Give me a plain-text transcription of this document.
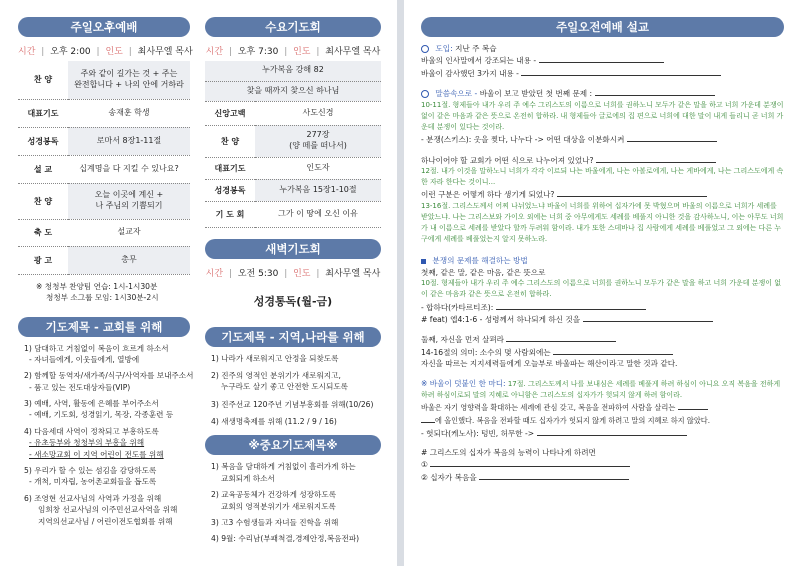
주일오후예배
시간 | 오후 2:00 | 인도 | 최사무엘 목사
찬 양	주와 같이 길가는 것 + 주는
완전합니다 + 나의 안에 거하라
대표기도	송재훈 학생
성경봉독	로마서 8장1-11절
설 교	십계명을 다 지킬 수 있나요?
찬 양	오늘 이곳에 계신 +
나 주님의 기쁨되기
축 도	설교자
광 고	총무
※ 청청부 찬양팀 연습: 1시-1시30분
청청부 소그룹 모임: 1시30분-2시
기도제목 - 교회를 위해
1) 담대하고 거침없이 복음이 흐르게 하소서
- 자녀들에게, 이웃들에게, 열방에
2) 함께할 동역자/새가족/식구/사역자를 보내주소서
- 품고 있는 전도대상자들(VIP)
3) 예배, 사역, 활동에 은혜를 부어주소서
- 예배, 기도회, 성경읽기, 목장, 각종훈련 등
4) 다음세대 사역이 정착되고 부흥하도록
- 유초등부와 청청부의 부흥을 위해
- 새소망교회 이 지역 어린이 전도를 위해
5) 우리가 할 수 있는 섬김을 감당하도록
- 개척, 미자립, 농어촌교회들을 돕도록
6) 조영현 선교사님의 사역과 가정을 위해
임희창 선교사님의 이주민선교사역을 위해
지역의선교사님 / 어린이전도협회를 위해
수요기도회
시간 | 오후 7:30 | 인도 | 최사무엘 목사
누가복음 강해 82	
찾을 때까지 찾으신 하나님	
신앙고백	사도신경
찬 양	277장
(양 떼를 떠나서)
대표기도	인도자
성경봉독	누가복음 15장1-10절
기 도 회	그가 이 땅에 오신 이유
새벽기도회
시간 | 오전 5:30 | 인도 | 최사무엘 목사
성경통독(월-금)
기도제목 - 지역,나라를 위해
1) 나라가 새로워지고 안정을 되찾도록
2) 진주의 영적인 분위기가 새로워지고,
누구라도 살기 좋고 안전한 도시되도록
3) 진주선교 120주년 기념부흥회를 위해(10/26)
4) 새생명축제를 위해 (11.2 / 9 / 16)
※중요기도제목※
1) 복음을 담대하게 거침없이 흘러가게 하는
교회되게 하소서
2) 교육공동체가 건강하게 성장하도록
교회의 영적분위기가 새로워지도록
3) 고3 수험생들과 자녀들 진학을 위해
4) 9월: 수리남(부패척결,경제안정,복음전파)
주일오전예배 설교
도입: 지난 주 복습
바울의 인사말에서 강조되는 내용 -
바울이 감사했던 3가지 내용 -
말씀속으로 - 바울이 보고 받았던 첫 번째 문제 :
10-11절. 형제들아 내가 우리 주 예수 그리스도의 이름으로 너희를 권하노니 모두가 같은 말을 하고 너희 가운데 분쟁이 없이 같은 마음과 같은 뜻으로 온전히 합하라. 내 형제들아 글로에의 집 편으로 너희에 대한 말이 내게 들리니 곧 너희 가운데 분쟁이 있다는 것이라.
- 분쟁(스키스): 옷을 찢다, 나누다 -> 어떤 대상을 이분화시켜
하나이어야 할 교회가 어떤 식으로 나누어져 있었나?
12절. 내가 이것을 말하노니 너희가 각각 이르되 나는 바울에게, 나는 아볼로에게, 나는 게바에게, 나는 그리스도에게 속한 자라 한다는 것이니...
이런 구분은 어떻게 하다 생기게 되었나?
13-16절. 그리스도께서 어찌 나뉘었느냐 바울이 너희를 위하여 십자가에 못 박혔으며 바울의 이름으로 너희가 세례를 받았느냐. 나는 그리스보와 가이오 외에는 너희 중 아무에게도 세례를 베풀지 아니한 것을 감사하노니, 이는 아무도 너희가 내 이름으로 세례를 받았다 할까 두려워 함이라. 내가 또한 스데바나 집 사람에게 세례를 베풀었고 그 외에는 다른 누구에게 세례를 베풀었는지 알지 못하노라.
분쟁의 문제를 해결하는 방법
첫째, 같은 말, 같은 마음, 같은 뜻으로
10절. 형제들아 내가 우리 주 예수 그리스도의 이름으로 너희를 권하노니 모두가 같은 말을 하고 너희 가운데 분쟁이 없이 같은 마음과 같은 뜻으로 온전히 합하라.
- 합하다(카타르티조):
# feat) 엡4:1-6 - 성령께서 하나되게 하신 것을
둘째, 자신을 먼저 살펴라
14-16절의 의미: 소수의 몇 사람외에는
자신을 따르는 지지세력들에게 오늘부로 바울파는 해산이라고 말한 것과 같다.
※ 바울이 덧붙인 한 마디: 17절. 그리스도께서 나를 보내심은 세례를 베풀게 하려 하심이 아니요 오직 복음을 전하게 하려 하심이로되 말의 지혜로 아니함은 그리스도의 십자가가 헛되지 않게 하려 함이라.
바울은 자기 영향력을 확대하는 세례에 관심 갖고, 복음을 전파하여 사람을 살리는
에 올인했다. 복음을 전파할 때도 십자가가 헛되지 않게 하려고 말의 지혜로 하지 않았다.
- 헛되다(케노사): 텅빈, 허무한 ->
# 그리스도의 십자가 복음의 능력이 나타나게 하려면
①
② 십자가 복음을
